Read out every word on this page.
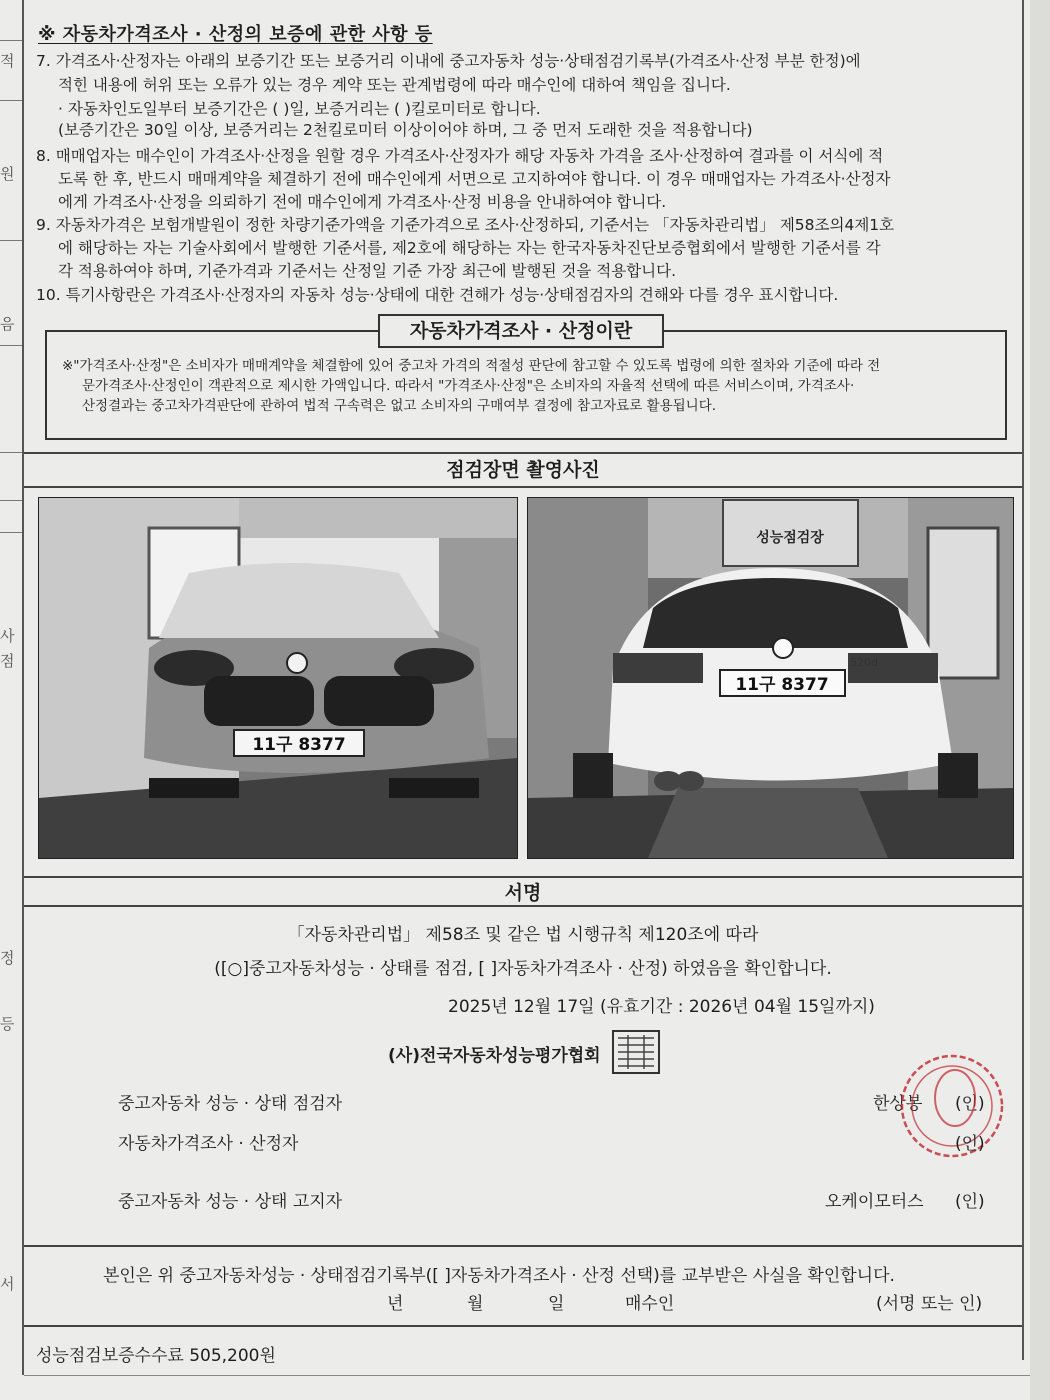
적
원
음
사
점
정
등
서
※ 자동차가격조사 · 산정의 보증에 관한 사항 등
7. 가격조사·산정자는 아래의 보증기간 또는 보증거리 이내에 중고자동차 성능·상태점검기록부(가격조사·산정 부분 한정)에
적힌 내용에 허위 또는 오류가 있는 경우 계약 또는 관계법령에 따라 매수인에 대하여 책임을 집니다.
· 자동차인도일부터 보증기간은 ( )일, 보증거리는 ( )킬로미터로 합니다.
(보증기간은 30일 이상, 보증거리는 2천킬로미터 이상이어야 하며, 그 중 먼저 도래한 것을 적용합니다)
8. 매매업자는 매수인이 가격조사·산정을 원할 경우 가격조사·산정자가 해당 자동차 가격을 조사·산정하여 결과를 이 서식에 적
도록 한 후, 반드시 매매계약을 체결하기 전에 매수인에게 서면으로 고지하여야 합니다. 이 경우 매매업자는 가격조사·산정자
에게 가격조사·산정을 의뢰하기 전에 매수인에게 가격조사·산정 비용을 안내하여야 합니다.
9. 자동차가격은 보험개발원이 정한 차량기준가액을 기준가격으로 조사·산정하되, 기준서는 「자동차관리법」 제58조의4제1호
에 해당하는 자는 기술사회에서 발행한 기준서를, 제2호에 해당하는 자는 한국자동차진단보증협회에서 발행한 기준서를 각
각 적용하여야 하며, 기준가격과 기준서는 산정일 기준 가장 최근에 발행된 것을 적용합니다.
10. 특기사항란은 가격조사·산정자의 자동차 성능·상태에 대한 견해가 성능·상태점검자의 견해와 다를 경우 표시합니다.
자동차가격조사 · 산정이란
※"가격조사·산정"은 소비자가 매매계약을 체결함에 있어 중고차 가격의 적절성 판단에 참고할 수 있도록 법령에 의한 절차와 기준에 따라 전
문가격조사·산정인이 객관적으로 제시한 가액입니다. 따라서 "가격조사·산정"은 소비자의 자율적 선택에 따른 서비스이며, 가격조사·
산정결과는 중고차가격판단에 관하여 법적 구속력은 없고 소비자의 구매여부 결정에 참고자료로 활용됩니다.
점검장면 촬영사진
11구 8377
성능점검장
520d
11구 8377
서명
「자동차관리법」 제58조 및 같은 법 시행규칙 제120조에 따라
([○]중고자동차성능 · 상태를 점검, [ ]자동차가격조사 · 산정) 하였음을 확인합니다.
2025년 12월 17일 (유효기간 : 2026년 04월 15일까지)
(사)전국자동차성능평가협회
중고자동차 성능 · 상태 점검자	한상봉 (인)
자동차가격조사 · 산정자	(인)
중고자동차 성능 · 상태 고지자	오케이모터스 (인)
본인은 위 중고자동차성능 · 상태점검기록부([ ]자동차가격조사 · 산정 선택)를 교부받은 사실을 확인합니다.
년	월	일	매수인	(서명 또는 인)
성능점검보증수수료 505,200원
